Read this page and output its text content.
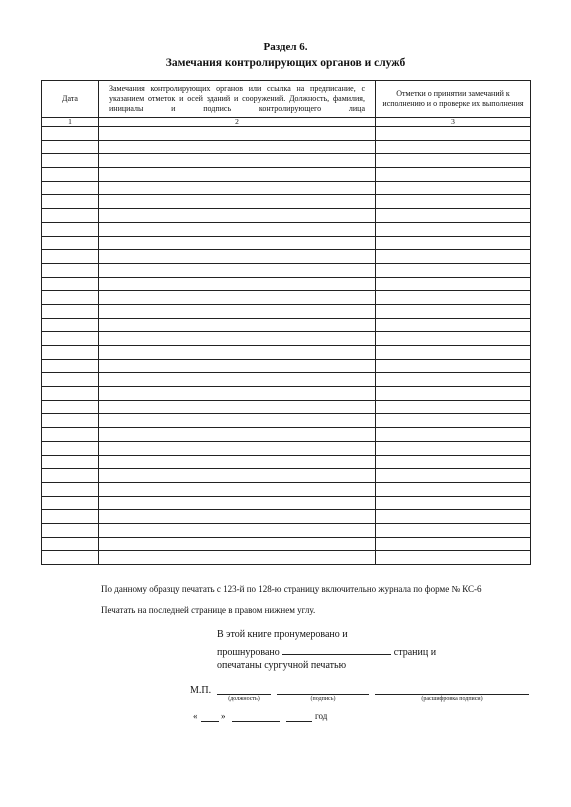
Раздел 6.
Замечания контролирующих органов и служб
Дата	Замечания контролирующих органов или ссылка на предписание, с указанием отметок и осей зданий и сооружений. Должность, фамилия, инициалы и подпись контролирующего лица	Отметки о принятии замечаний к исполнению и о проверке их выполнения
1	2	3

По данному образцу печатать с 123-й по 128-ю страницу включительно журнала по форме № КС-6
Печатать на последней странице в правом нижнем углу.
В этой книге пронумеровано и
прошнуровано	страниц и
опечатаны сургучной печатью
М.П.
(должность)	(подпись)	(расшифровка подписи)
«	»	год
